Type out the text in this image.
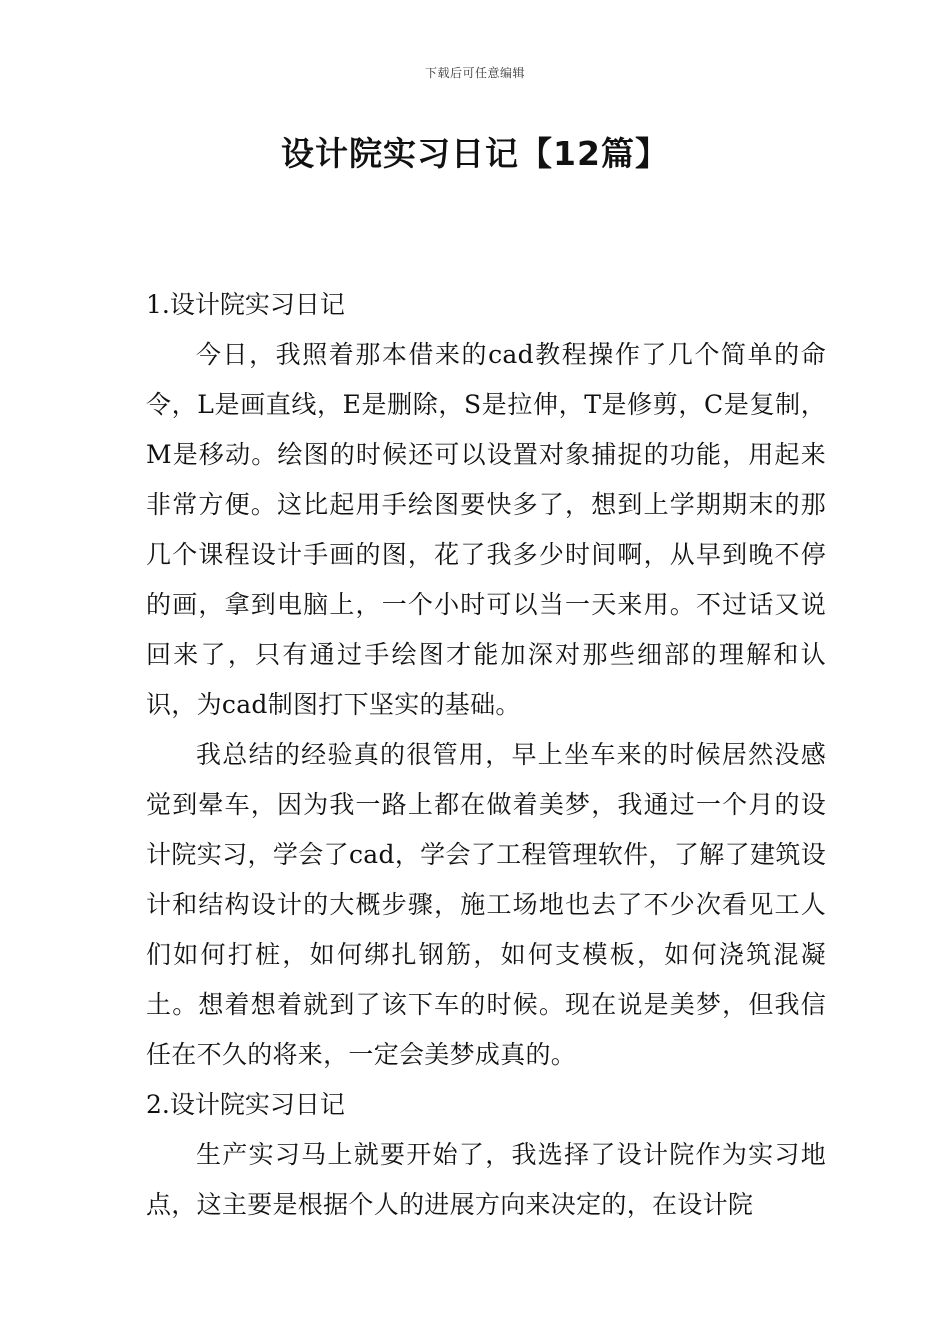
下载后可任意编辑
设计院实习日记【12篇】
1.设计院实习日记

今日，我照着那本借来的cad教程操作了几个简单的命令，L是画直线，E是删除，S是拉伸，T是修剪，C是复制，M是移动。绘图的时候还可以设置对象捕捉的功能，用起来非常方便。这比起用手绘图要快多了，想到上学期期末的那几个课程设计手画的图，花了我多少时间啊，从早到晚不停的画，拿到电脑上，一个小时可以当一天来用。不过话又说回来了，只有通过手绘图才能加深对那些细部的理解和认识，为cad制图打下坚实的基础。

我总结的经验真的很管用，早上坐车来的时候居然没感觉到晕车，因为我一路上都在做着美梦，我通过一个月的设计院实习，学会了cad，学会了工程管理软件，了解了建筑设计和结构设计的大概步骤，施工场地也去了不少次看见工人们如何打桩，如何绑扎钢筋，如何支模板，如何浇筑混凝土。想着想着就到了该下车的时候。现在说是美梦，但我信任在不久的将来，一定会美梦成真的。

2.设计院实习日记

生产实习马上就要开始了，我选择了设计院作为实习地点，这主要是根据个人的进展方向来决定的，在设计院
